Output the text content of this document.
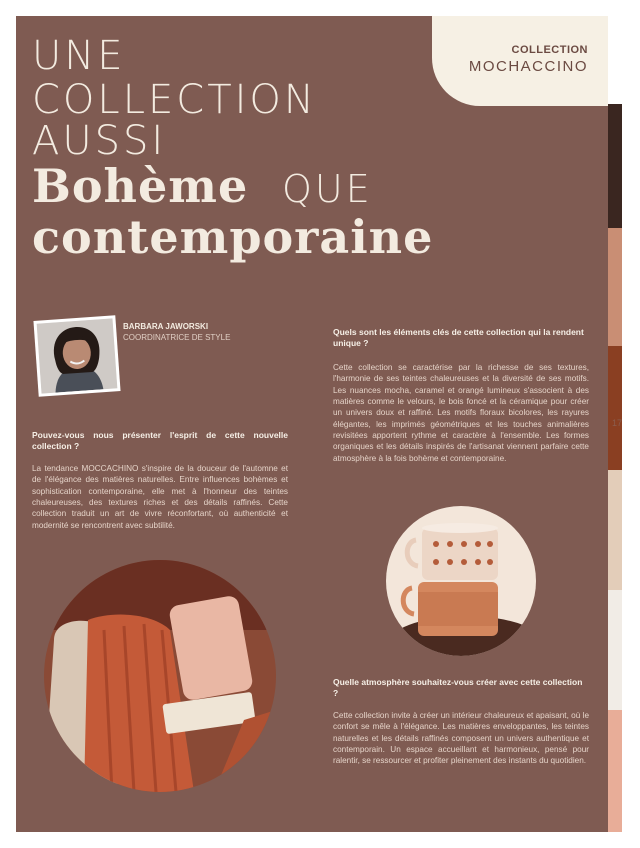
17
COLLECTION
MOCHACCINO
UNE
COLLECTION
AUSSI
Bohème QUE
contemporaine
BARBARA JAWORSKI
COORDINATRICE DE STYLE
Pouvez-vous nous présenter l'esprit de cette nouvelle collection ?
La tendance MOCCACHINO s'inspire de la douceur de l'automne et de l'élégance des matières naturelles. Entre influences bohèmes et sophistication contemporaine, elle met à l'honneur des teintes chaleureuses, des textures riches et des détails raffinés. Cette collection traduit un art de vivre réconfortant, où authenticité et modernité se rencontrent avec subtilité.
Quels sont les éléments clés de cette collection qui la rendent unique ?
Cette collection se caractérise par la richesse de ses textures, l'harmonie de ses teintes chaleureuses et la diversité de ses motifs. Les nuances mocha, caramel et orangé lumineux s'associent à des matières comme le velours, le bois foncé et la céramique pour créer un univers doux et raffiné. Les motifs floraux bicolores, les rayures élégantes, les imprimés géométriques et les touches animalières revisitées apportent rythme et caractère à l'ensemble. Les formes organiques et les détails inspirés de l'artisanat viennent parfaire cette atmosphère à la fois bohème et contemporaine.
Quelle atmosphère souhaitez-vous créer avec cette collection ?
Cette collection invite à créer un intérieur chaleureux et apaisant, où le confort se mêle à l'élégance. Les matières enveloppantes, les teintes naturelles et les détails raffinés composent un univers authentique et contemporain. Un espace accueillant et harmonieux, pensé pour ralentir, se ressourcer et profiter pleinement des instants du quotidien.
